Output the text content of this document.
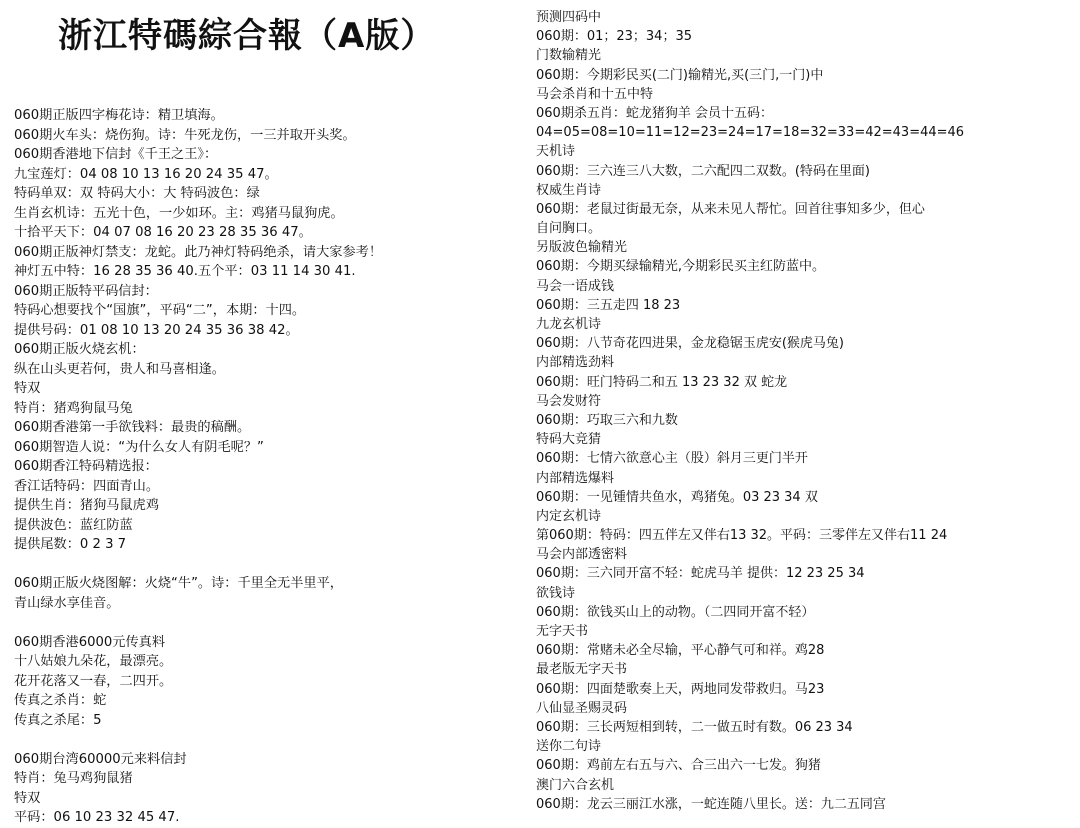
浙江特碼綜合報（A版）
060期正版四字梅花诗：精卫填海。
060期火车头：烧伤狗。诗：牛死龙伤，一三并取开头奖。
060期香港地下信封《千王之王》：
九宝莲灯：04 08 10 13 16 20 24 35 47。
特码单双：双 特码大小：大 特码波色：绿
生肖玄机诗：五光十色，一少如环。主：鸡猪马鼠狗虎。
十拾平天下：04 07 08 16 20 23 28 35 36 47。
060期正版神灯禁支：龙蛇。此乃神灯特码绝杀，请大家参考！
神灯五中特：16 28 35 36 40.五个平：03 11 14 30 41.
060期正版特平码信封：
特码心想要找个“国旗”，平码“二”，本期：十四。
提供号码：01 08 10 13 20 24 35 36 38 42。
060期正版火烧玄机：
纵在山头更若何，贵人和马喜相逢。
特双
特肖：猪鸡狗鼠马兔
060期香港第一手欲钱料：最贵的稿酬。
060期智造人说：“为什么女人有阴毛呢？”
060期香江特码精选报：
香江话特码：四面青山。
提供生肖：猪狗马鼠虎鸡
提供波色：蓝红防蓝
提供尾数：0 2 3 7
060期正版火烧图解：火烧“牛”。诗：千里全无半里平，
青山绿水享佳音。
060期香港6000元传真料
十八姑娘九朵花，最漂亮。
花开花落又一春，二四开。
传真之杀肖：蛇
传真之杀尾：5
060期台湾60000元来料信封
特肖：兔马鸡狗鼠猪
特双
平码：06 10 23 32 45 47.
预测四码中
060期：01；23；34；35
门数输精光
060期：今期彩民买(二门)输精光,买(三门,一门)中
马会杀肖和十五中特
060期杀五肖：蛇龙猪狗羊 会员十五码：
04=05=08=10=11=12=23=24=17=18=32=33=42=43=44=46
天机诗
060期：三六连三八大数，二六配四二双数。(特码在里面)
权威生肖诗
060期：老鼠过街最无奈，从来未见人帮忙。回首往事知多少，但心
自问胸口。
另版波色输精光
060期：今期买绿输精光,今期彩民买主红防蓝中。
马会一语成钱
060期：三五走四 18 23
九龙玄机诗
060期：八节奇花四进果，金龙稳锯玉虎安(猴虎马兔)
内部精选劲料
060期：旺门特码二和五 13 23 32 双 蛇龙
马会发财符
060期：巧取三六和九数
特码大竞猜
060期：七情六欲意心主（股）斜月三更门半开
内部精选爆料
060期：一见锺情共鱼水，鸡猪兔。03 23 34 双
内定玄机诗
第060期：特码：四五伴左又伴右13 32。平码：三零伴左又伴右11 24
马会内部透密料
060期：三六同开富不轻：蛇虎马羊 提供：12 23 25 34
欲钱诗
060期：欲钱买山上的动物。（二四同开富不轻）
无字天书
060期：常赌未必全尽输，平心静气可和祥。鸡28
最老版无字天书
060期：四面楚歌奏上天，两地同发带救归。马23
八仙显圣赐灵码
060期：三长两短相到转，二一做五时有数。06 23 34
送你二句诗
060期：鸡前左右五与六、合三出六一七发。狗猪
澳门六合玄机
060期：龙云三丽江水涨，一蛇连随八里长。送：九二五同宫
